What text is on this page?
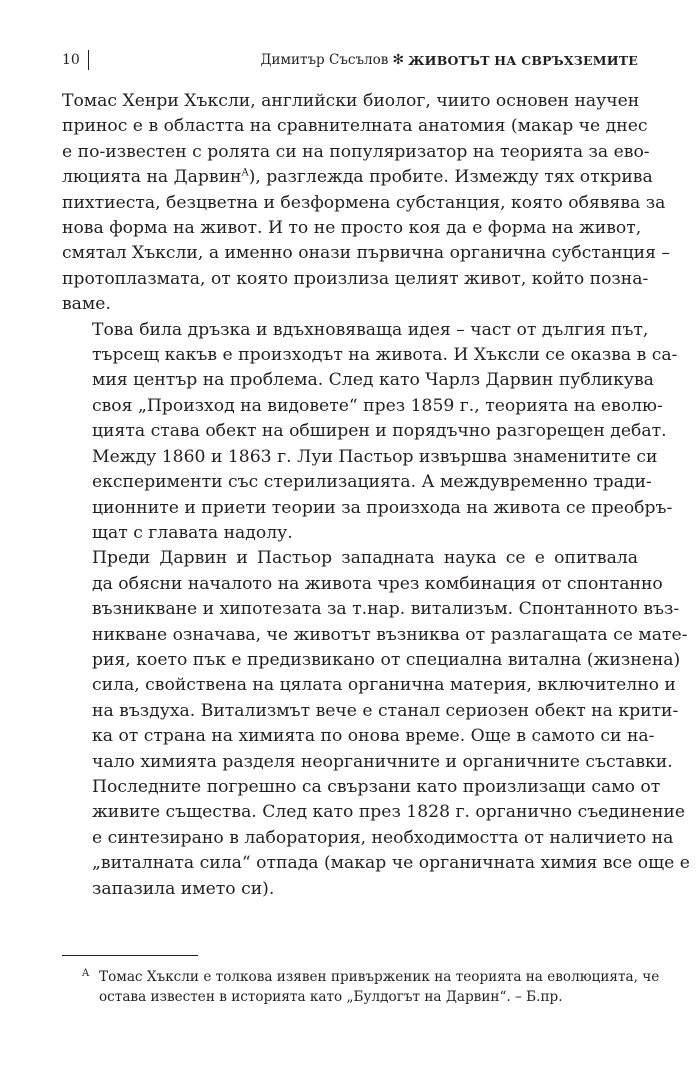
10	Димитър Съсълов ✻ ЖИВОТЪТ НА СВРЪХЗЕМИТЕ

Томас Хенри Хъксли, английски биолог, чиито основен научен
принос е в областта на сравнителната анатомия (макар че днес
е по-известен с ролята си на популяризатор на теорията за ево-
люцията на Дарвин$^A$), разглежда пробите. Измежду тях открива
пихтиеста, безцветна и безформена субстанция, която обявява за
нова форма на живот. И то не просто коя да е форма на живот,
смятал Хъксли, а именно онази първична органична субстанция –
протоплазмата, от която произлиза целият живот, който позна-
ваме.

Това била дръзка и вдъхновяваща идея – част от дългия път,
търсещ какъв е произходът на живота. И Хъксли се оказва в са-
мия център на проблема. След като Чарлз Дарвин публикува
своя „Произход на видовете“ през 1859 г., теорията на еволю-
цията става обект на обширен и порядъчно разгорещен дебат.
Между 1860 и 1863 г. Луи Пастьор извършва знаменитите си
експерименти със стерилизацията. А междувременно тради-
ционните и приети теории за произхода на живота се преобръ-
щат с главата надолу.

Преди Дарвин и Пастьор западната наука се е опитвала
да обясни началото на живота чрез комбинация от спонтанно
възникване и хипотезата за т.нар. витализъм. Спонтанното въз-
никване означава, че животът възниква от разлагащата се мате-
рия, което пък е предизвикано от специална витална (жизнена)
сила, свойствена на цялата органична материя, включително и
на въздуха. Витализмът вече е станал сериозен обект на крити-
ка от страна на химията по онова време. Още в самото си на-
чало химията разделя неорганичните и органичните съставки.
Последните погрешно са свързани като произлизащи само от
живите същества. След като през 1828 г. органично съединение
е синтезирано в лаборатория, необходимостта от наличието на
„виталната сила“ отпада (макар че органичната химия все още е
запазила името си).

A Томас Хъксли е толкова изявен привърженик на теорията на еволюцията, че
остава известен в историята като „Булдогът на Дарвин“. – Б.пр.
